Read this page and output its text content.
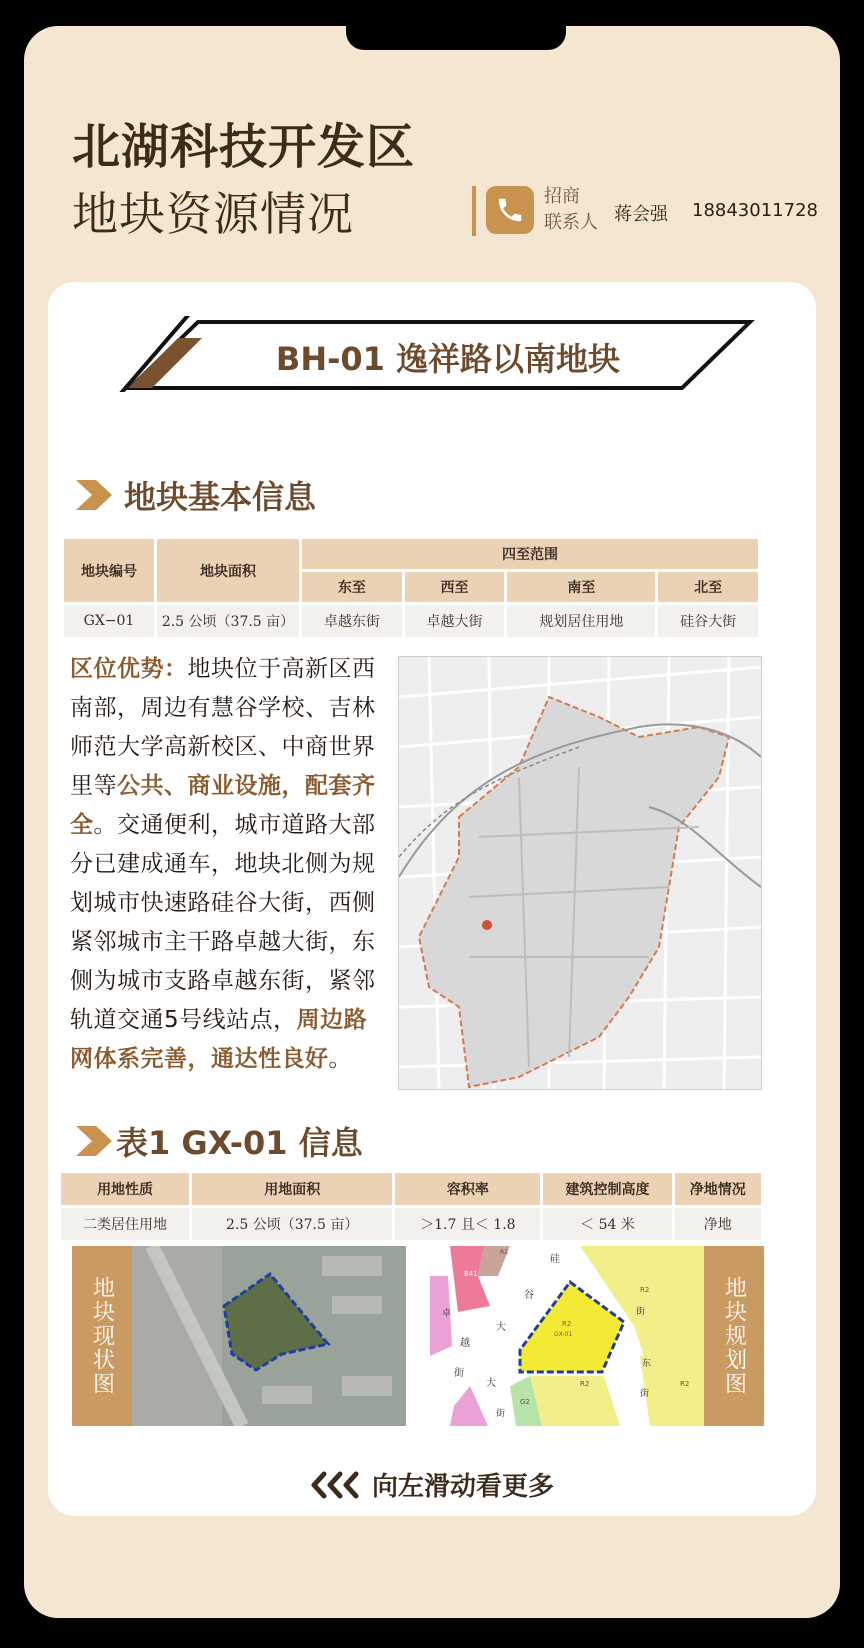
北湖科技开发区
地块资源情况	招商
联系人 蒋会强 18843011728
BH-01 逸祥路以南地块
地块基本信息
地块编号	地块面积	四至范围			
		东至	西至	南至	北至
GX−01	2.5 公顷（37.5 亩）	卓越东街	卓越大街	规划居住用地	硅谷大街
区位优势：地块位于高新区西南部，周边有慧谷学校、吉林师范大学高新校区、中商世界里等公共、商业设施，配套齐全。交通便利，城市道路大部分已建成通车，地块北侧为规划城市快速路硅谷大街，西侧紧邻城市主干路卓越大街，东侧为城市支路卓越东街，紧邻轨道交通5号线站点，周边路网体系完善，通达性良好。
表1 GX-01 信息
用地性质	用地面积	容积率	建筑控制高度	净地情况
二类居住用地	2.5 公顷（37.5 亩）	＞1.7 且＜ 1.8	＜ 54 米	净地
地块现状图
R2
B41
硅
谷
越
大	R2
GX-01
R2
街
大	R2
东
R2
G2
街
街
卓
街	地块规划图
向左滑动看更多
